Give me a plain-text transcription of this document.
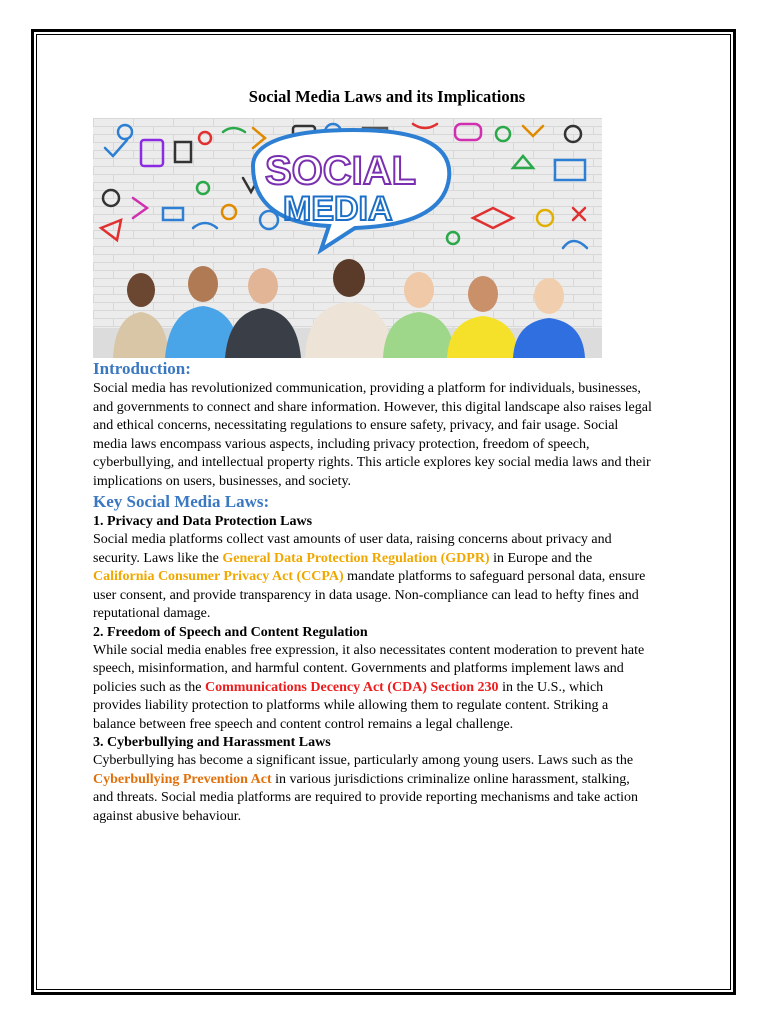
Social Media Laws and its Implications
SOCIAL
MEDIA
Introduction:

Social media has revolutionized communication, providing a platform for individuals, businesses, and governments to connect and share information. However, this digital landscape also raises legal and ethical concerns, necessitating regulations to ensure safety, privacy, and fair usage. Social media laws encompass various aspects, including privacy protection, freedom of speech, cyberbullying, and intellectual property rights. This article explores key social media laws and their implications on users, businesses, and society.

Key Social Media Laws:
1. Privacy and Data Protection Laws

Social media platforms collect vast amounts of user data, raising concerns about privacy and security. Laws like the General Data Protection Regulation (GDPR) in Europe and the California Consumer Privacy Act (CCPA) mandate platforms to safeguard personal data, ensure user consent, and provide transparency in data usage. Non-compliance can lead to hefty fines and reputational damage.

2. Freedom of Speech and Content Regulation

While social media enables free expression, it also necessitates content moderation to prevent hate speech, misinformation, and harmful content. Governments and platforms implement laws and policies such as the Communications Decency Act (CDA) Section 230 in the U.S., which provides liability protection to platforms while allowing them to regulate content. Striking a balance between free speech and content control remains a legal challenge.

3. Cyberbullying and Harassment Laws

Cyberbullying has become a significant issue, particularly among young users. Laws such as the Cyberbullying Prevention Act in various jurisdictions criminalize online harassment, stalking, and threats. Social media platforms are required to provide reporting mechanisms and take action against abusive behaviour.
